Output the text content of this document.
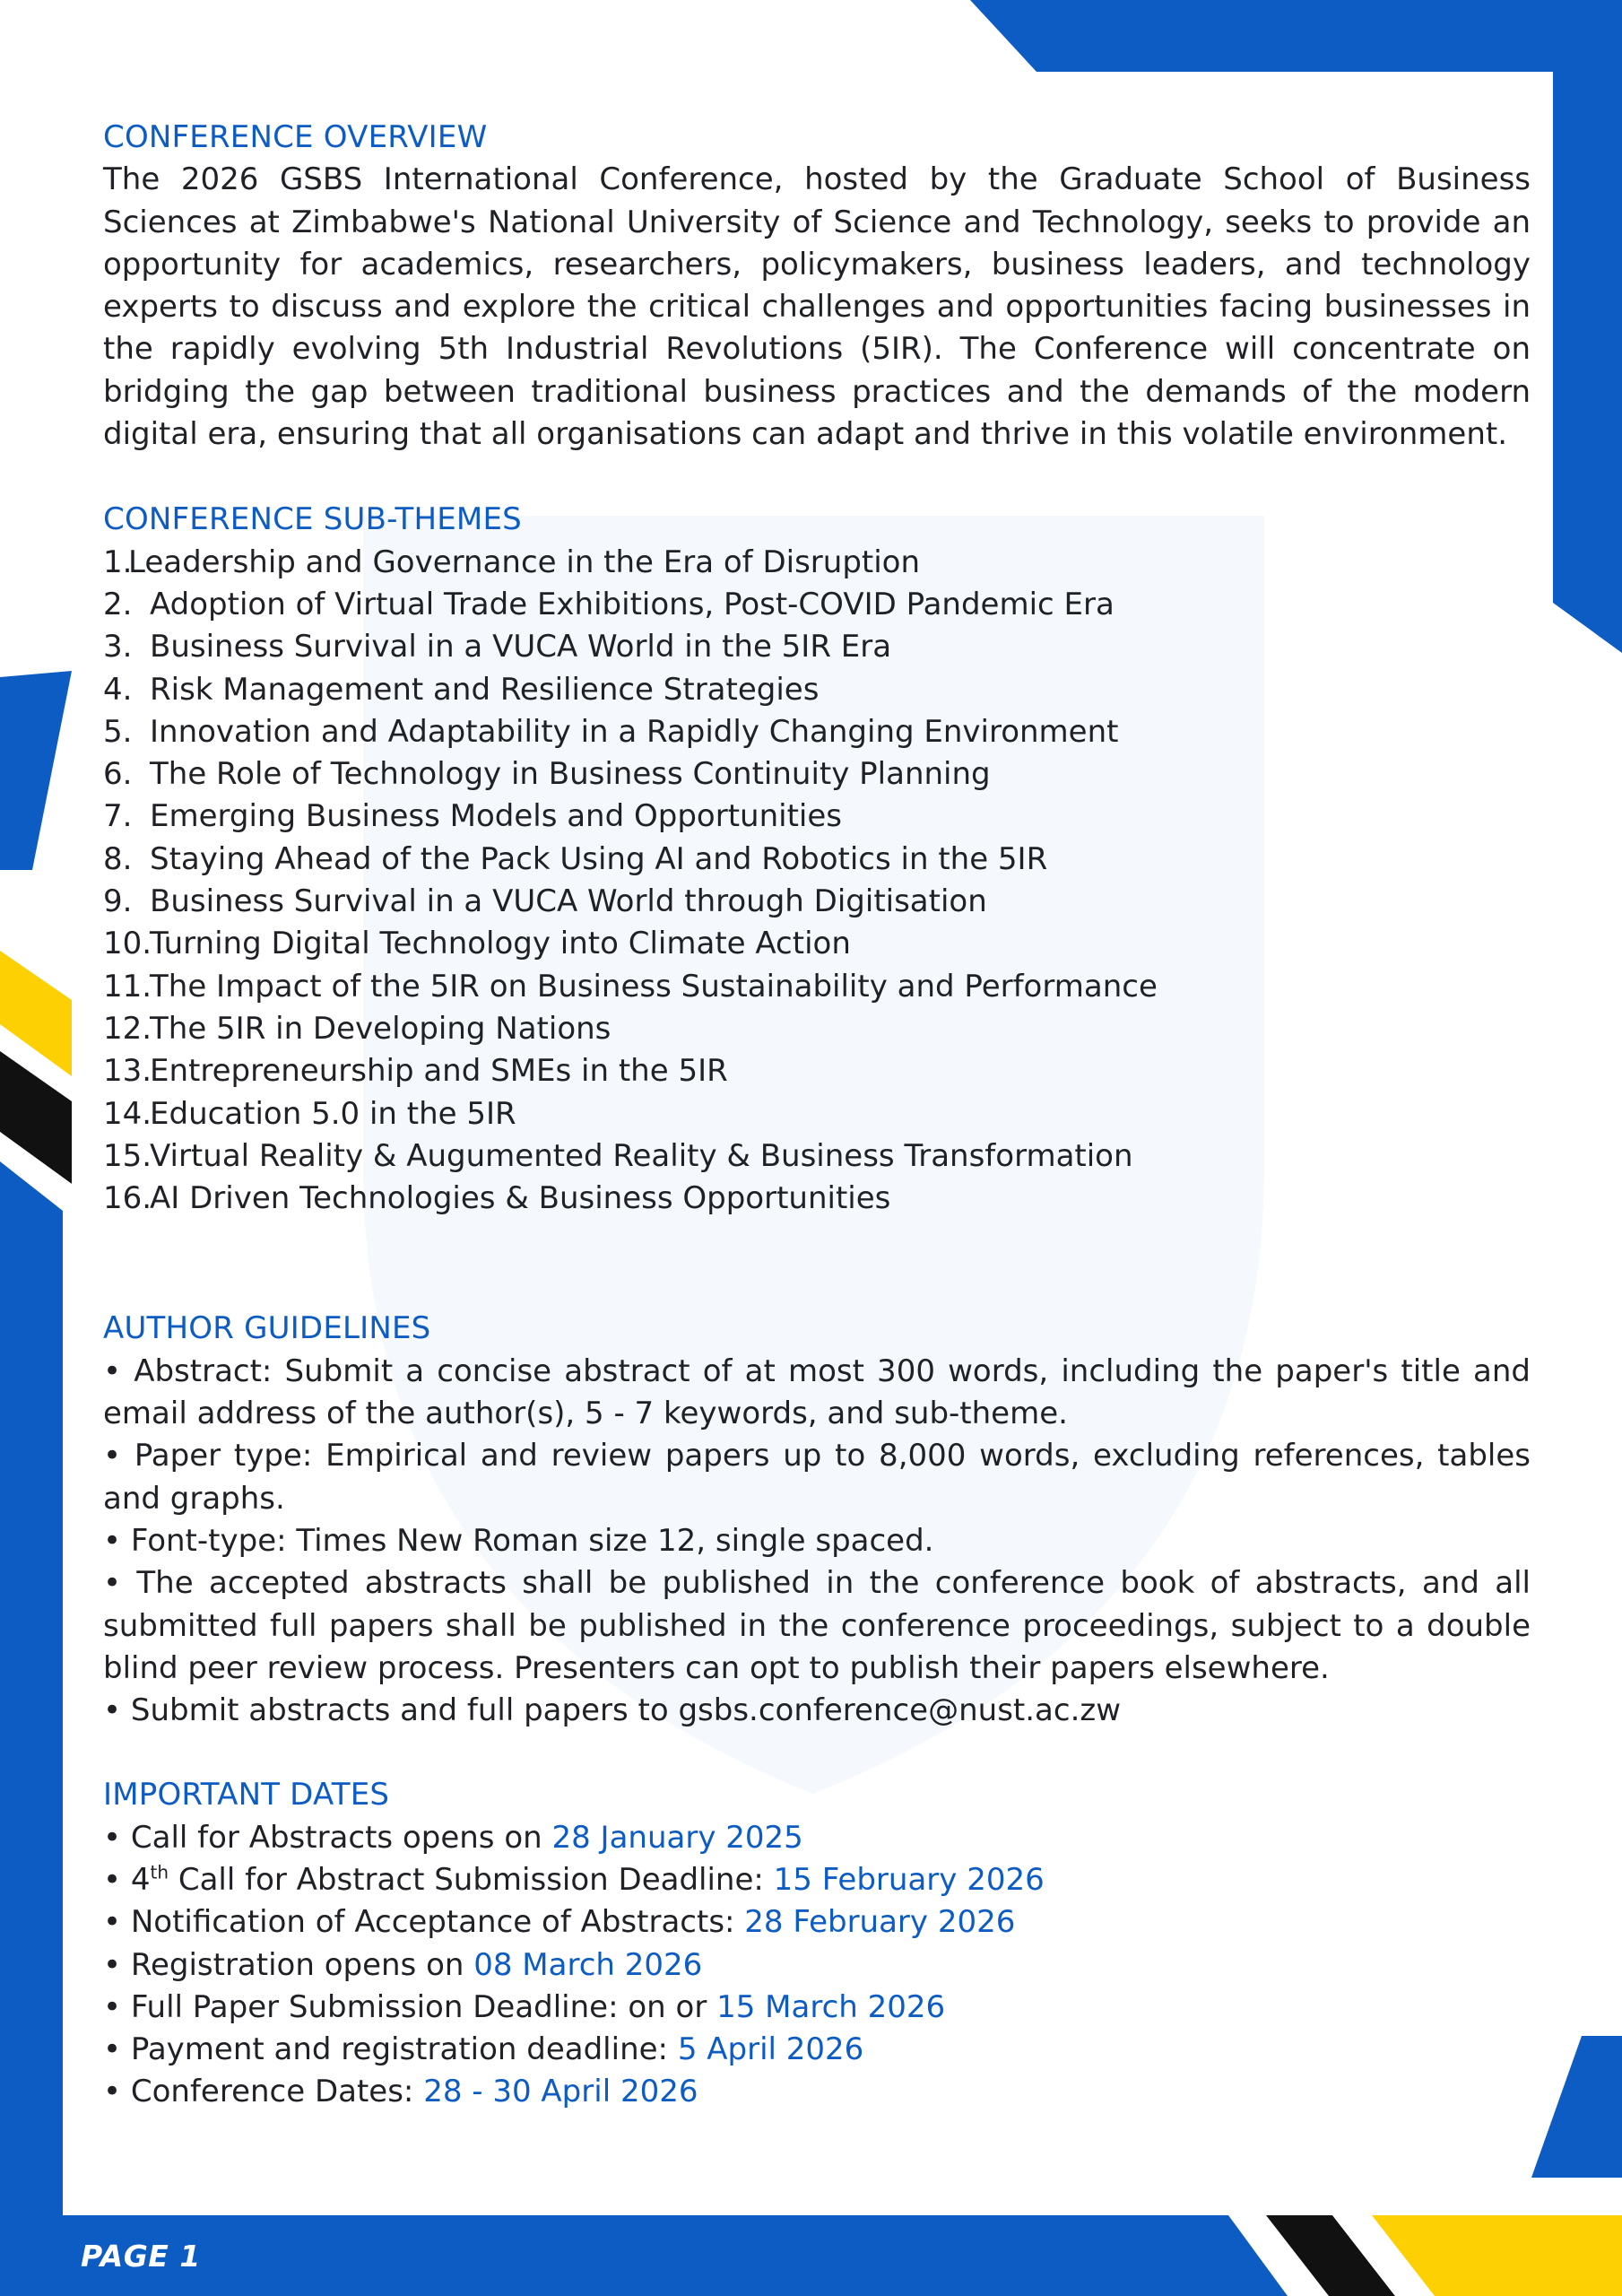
CONFERENCE OVERVIEW

The 2026 GSBS International Conference, hosted by the Graduate School of Business Sciences at Zimbabwe's National University of Science and Technology, seeks to provide an opportunity for academics, researchers, policymakers, business leaders, and technology experts to discuss and explore the critical challenges and opportunities facing businesses in the rapidly evolving 5th Industrial Revolutions (5IR). The Conference will concentrate on bridging the gap between traditional business practices and the demands of the modern digital era, ensuring that all organisations can adapt and thrive in this volatile environment.

CONFERENCE SUB-THEMES
1.
Leadership and Governance in the Era of Disruption
2. Adoption of Virtual Trade Exhibitions, Post-COVID Pandemic Era
3. Business Survival in a VUCA World in the 5IR Era
4. Risk Management and Resilience Strategies
5. Innovation and Adaptability in a Rapidly Changing Environment
6. The Role of Technology in Business Continuity Planning
7. Emerging Business Models and Opportunities
8. Staying Ahead of the Pack Using AI and Robotics in the 5IR
9. Business Survival in a VUCA World through Digitisation
10.
Turning Digital Technology into Climate Action
11.
The Impact of the 5IR on Business Sustainability and Performance
12.
The 5IR in Developing Nations
13.
Entrepreneurship and SMEs in the 5IR
14.
Education 5.0 in the 5IR
15.
Virtual Reality & Augumented Reality & Business Transformation
16.
AI Driven Technologies & Business Opportunities
AUTHOR GUIDELINES
• Abstract: Submit a concise abstract of at most 300 words, including the paper's title and email address of the author(s), 5 - 7 keywords, and sub-theme.
• Paper type: Empirical and review papers up to 8,000 words, excluding references, tables and graphs.
• Font-type: Times New Roman size 12, single spaced.
• The accepted abstracts shall be published in the conference book of abstracts, and all submitted full papers shall be published in the conference proceedings, subject to a double blind peer review process. Presenters can opt to publish their papers elsewhere.
• Submit abstracts and full papers to gsbs.conference@nust.ac.zw
IMPORTANT DATES
• Call for Abstracts opens on 28 January 2025
• 4th Call for Abstract Submission Deadline: 15 February 2026
• Notification of Acceptance of Abstracts: 28 February 2026
• Registration opens on 08 March 2026
• Full Paper Submission Deadline: on or 15 March 2026
• Payment and registration deadline: 5 April 2026
• Conference Dates: 28 - 30 April 2026
PAGE 1
